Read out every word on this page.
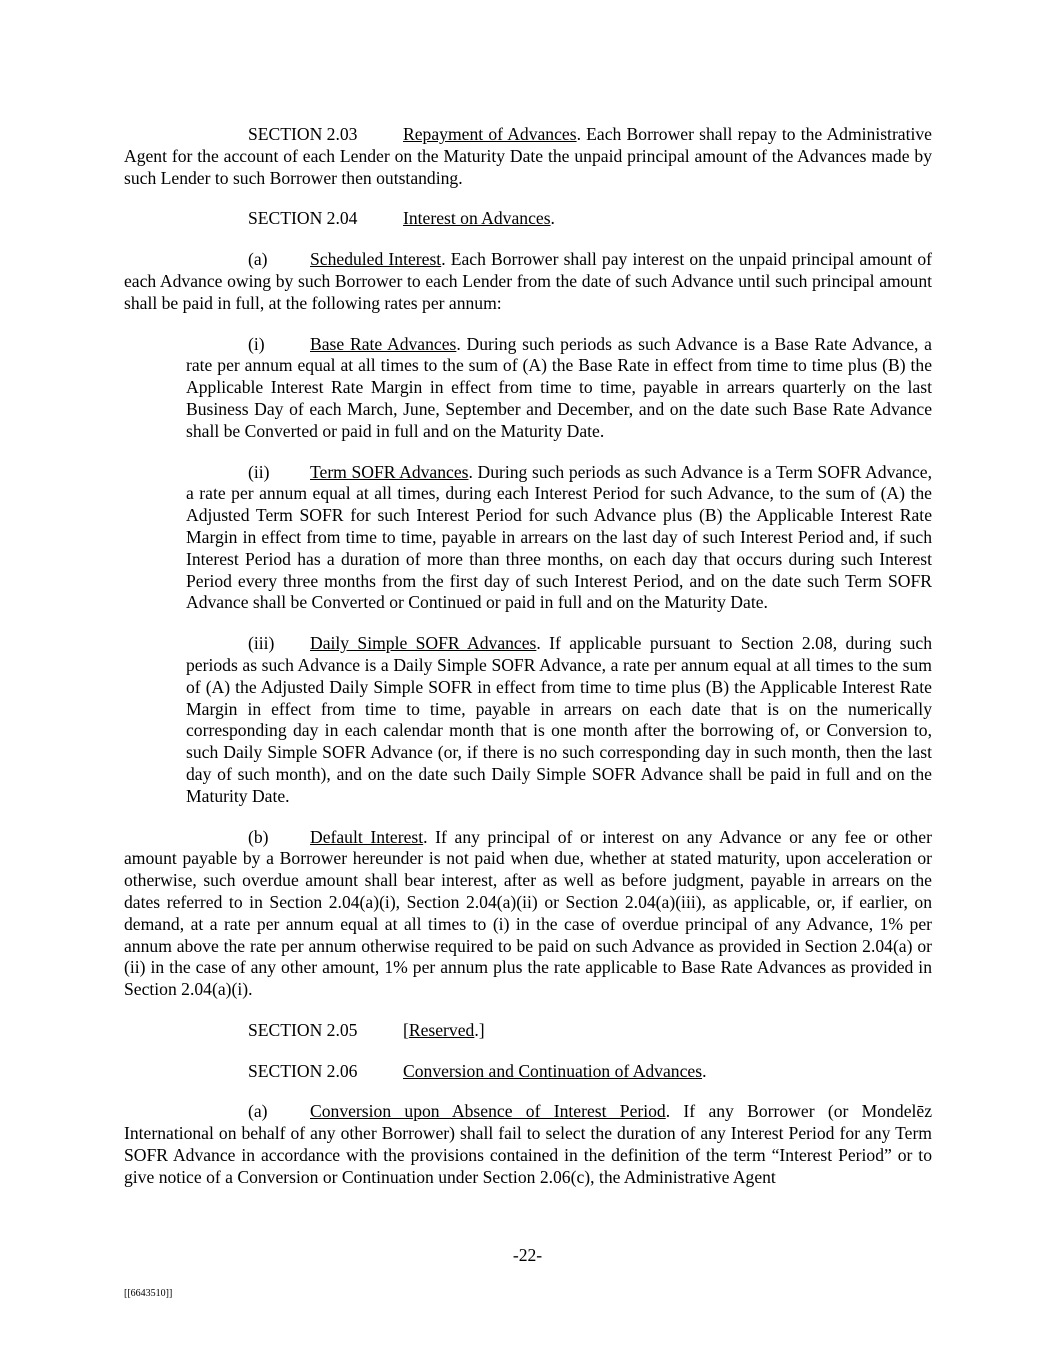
SECTION 2.03	Repayment of Advances. Each Borrower shall repay to the Administrative Agent for the account of each Lender on the Maturity Date the unpaid principal amount of the Advances made by such Lender to such Borrower then outstanding.

SECTION 2.04	Interest on Advances.

(a) Scheduled Interest. Each Borrower shall pay interest on the unpaid principal amount of each Advance owing by such Borrower to each Lender from the date of such Advance until such principal amount shall be paid in full, at the following rates per annum:

(i)	Base Rate Advances. During such periods as such Advance is a Base Rate Advance, a rate per annum equal at all times to the sum of (A) the Base Rate in effect from time to time plus (B) the Applicable Interest Rate Margin in effect from time to time, payable in arrears quarterly on the last Business Day of each March, June, September and December, and on the date such Base Rate Advance shall be Converted or paid in full and on the Maturity Date.

(ii) Term SOFR Advances. During such periods as such Advance is a Term SOFR Advance, a rate per annum equal at all times, during each Interest Period for such Advance, to the sum of (A) the Adjusted Term SOFR for such Interest Period for such Advance plus (B) the Applicable Interest Rate Margin in effect from time to time, payable in arrears on the last day of such Interest Period and, if such Interest Period has a duration of more than three months, on each day that occurs during such Interest Period every three months from the first day of such Interest Period, and on the date such Term SOFR Advance shall be Converted or Continued or paid in full and on the Maturity Date.

(iii) Daily Simple SOFR Advances. If applicable pursuant to Section 2.08, during such periods as such Advance is a Daily Simple SOFR Advance, a rate per annum equal at all times to the sum of (A) the Adjusted Daily Simple SOFR in effect from time to time plus (B) the Applicable Interest Rate Margin in effect from time to time, payable in arrears on each date that is on the numerically corresponding day in each calendar month that is one month after the borrowing of, or Conversion to, such Daily Simple SOFR Advance (or, if there is no such corresponding day in such month, then the last day of such month), and on the date such Daily Simple SOFR Advance shall be paid in full and on the Maturity Date.

(b) Default Interest. If any principal of or interest on any Advance or any fee or other amount payable by a Borrower hereunder is not paid when due, whether at stated maturity, upon acceleration or otherwise, such overdue amount shall bear interest, after as well as before judgment, payable in arrears on the dates referred to in Section 2.04(a)(i), Section 2.04(a)(ii) or Section 2.04(a)(iii), as applicable, or, if earlier, on demand, at a rate per annum equal at all times to (i) in the case of overdue principal of any Advance, 1% per annum above the rate per annum otherwise required to be paid on such Advance as provided in Section 2.04(a) or (ii) in the case of any other amount, 1% per annum plus the rate applicable to Base Rate Advances as provided in Section 2.04(a)(i).

SECTION 2.05	[Reserved.]

SECTION 2.06	Conversion and Continuation of Advances.

(a) Conversion upon Absence of Interest Period. If any Borrower (or Mondelēz International on behalf of any other Borrower) shall fail to select the duration of any Interest Period for any Term SOFR Advance in accordance with the provisions contained in the definition of the term “Interest Period” or to give notice of a Conversion or Continuation under Section 2.06(c), the Administrative Agent

-22-
[[6643510]]
